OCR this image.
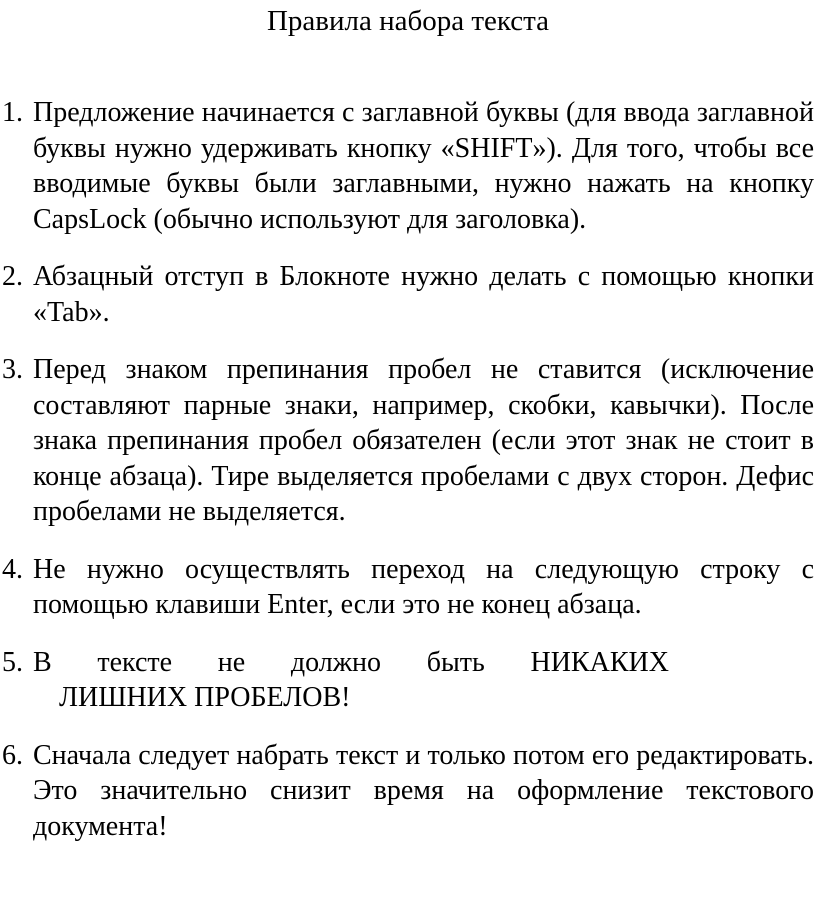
Правила набора текста
1. Предложение начинается с заглавной буквы (для ввода заглавной буквы нужно удерживать кнопку «SHIFT»). Для того, чтобы все вводимые буквы были заглавными, нужно нажать на кнопку CapsLock (обычно используют для заголовка).
2. Абзацный отступ в Блокноте нужно делать с помощью кнопки «Tab».
3. Перед знаком препинания пробел не ставится (исключение составляют парные знаки, например, скобки, кавычки). После знака препинания пробел обязателен (если этот знак не стоит в конце абзаца). Тире выделяется пробелами с двух сторон. Дефис пробелами не выделяется.
4. Не нужно осуществлять переход на следующую строку с помощью клавиши Enter, если это не конец абзаца.
5. В тексте не должно быть НИКАКИХ
ЛИШНИХ ПРОБЕЛОВ!
6. Сначала следует набрать текст и только потом его редактировать. Это значительно снизит время на оформление текстового документа!
